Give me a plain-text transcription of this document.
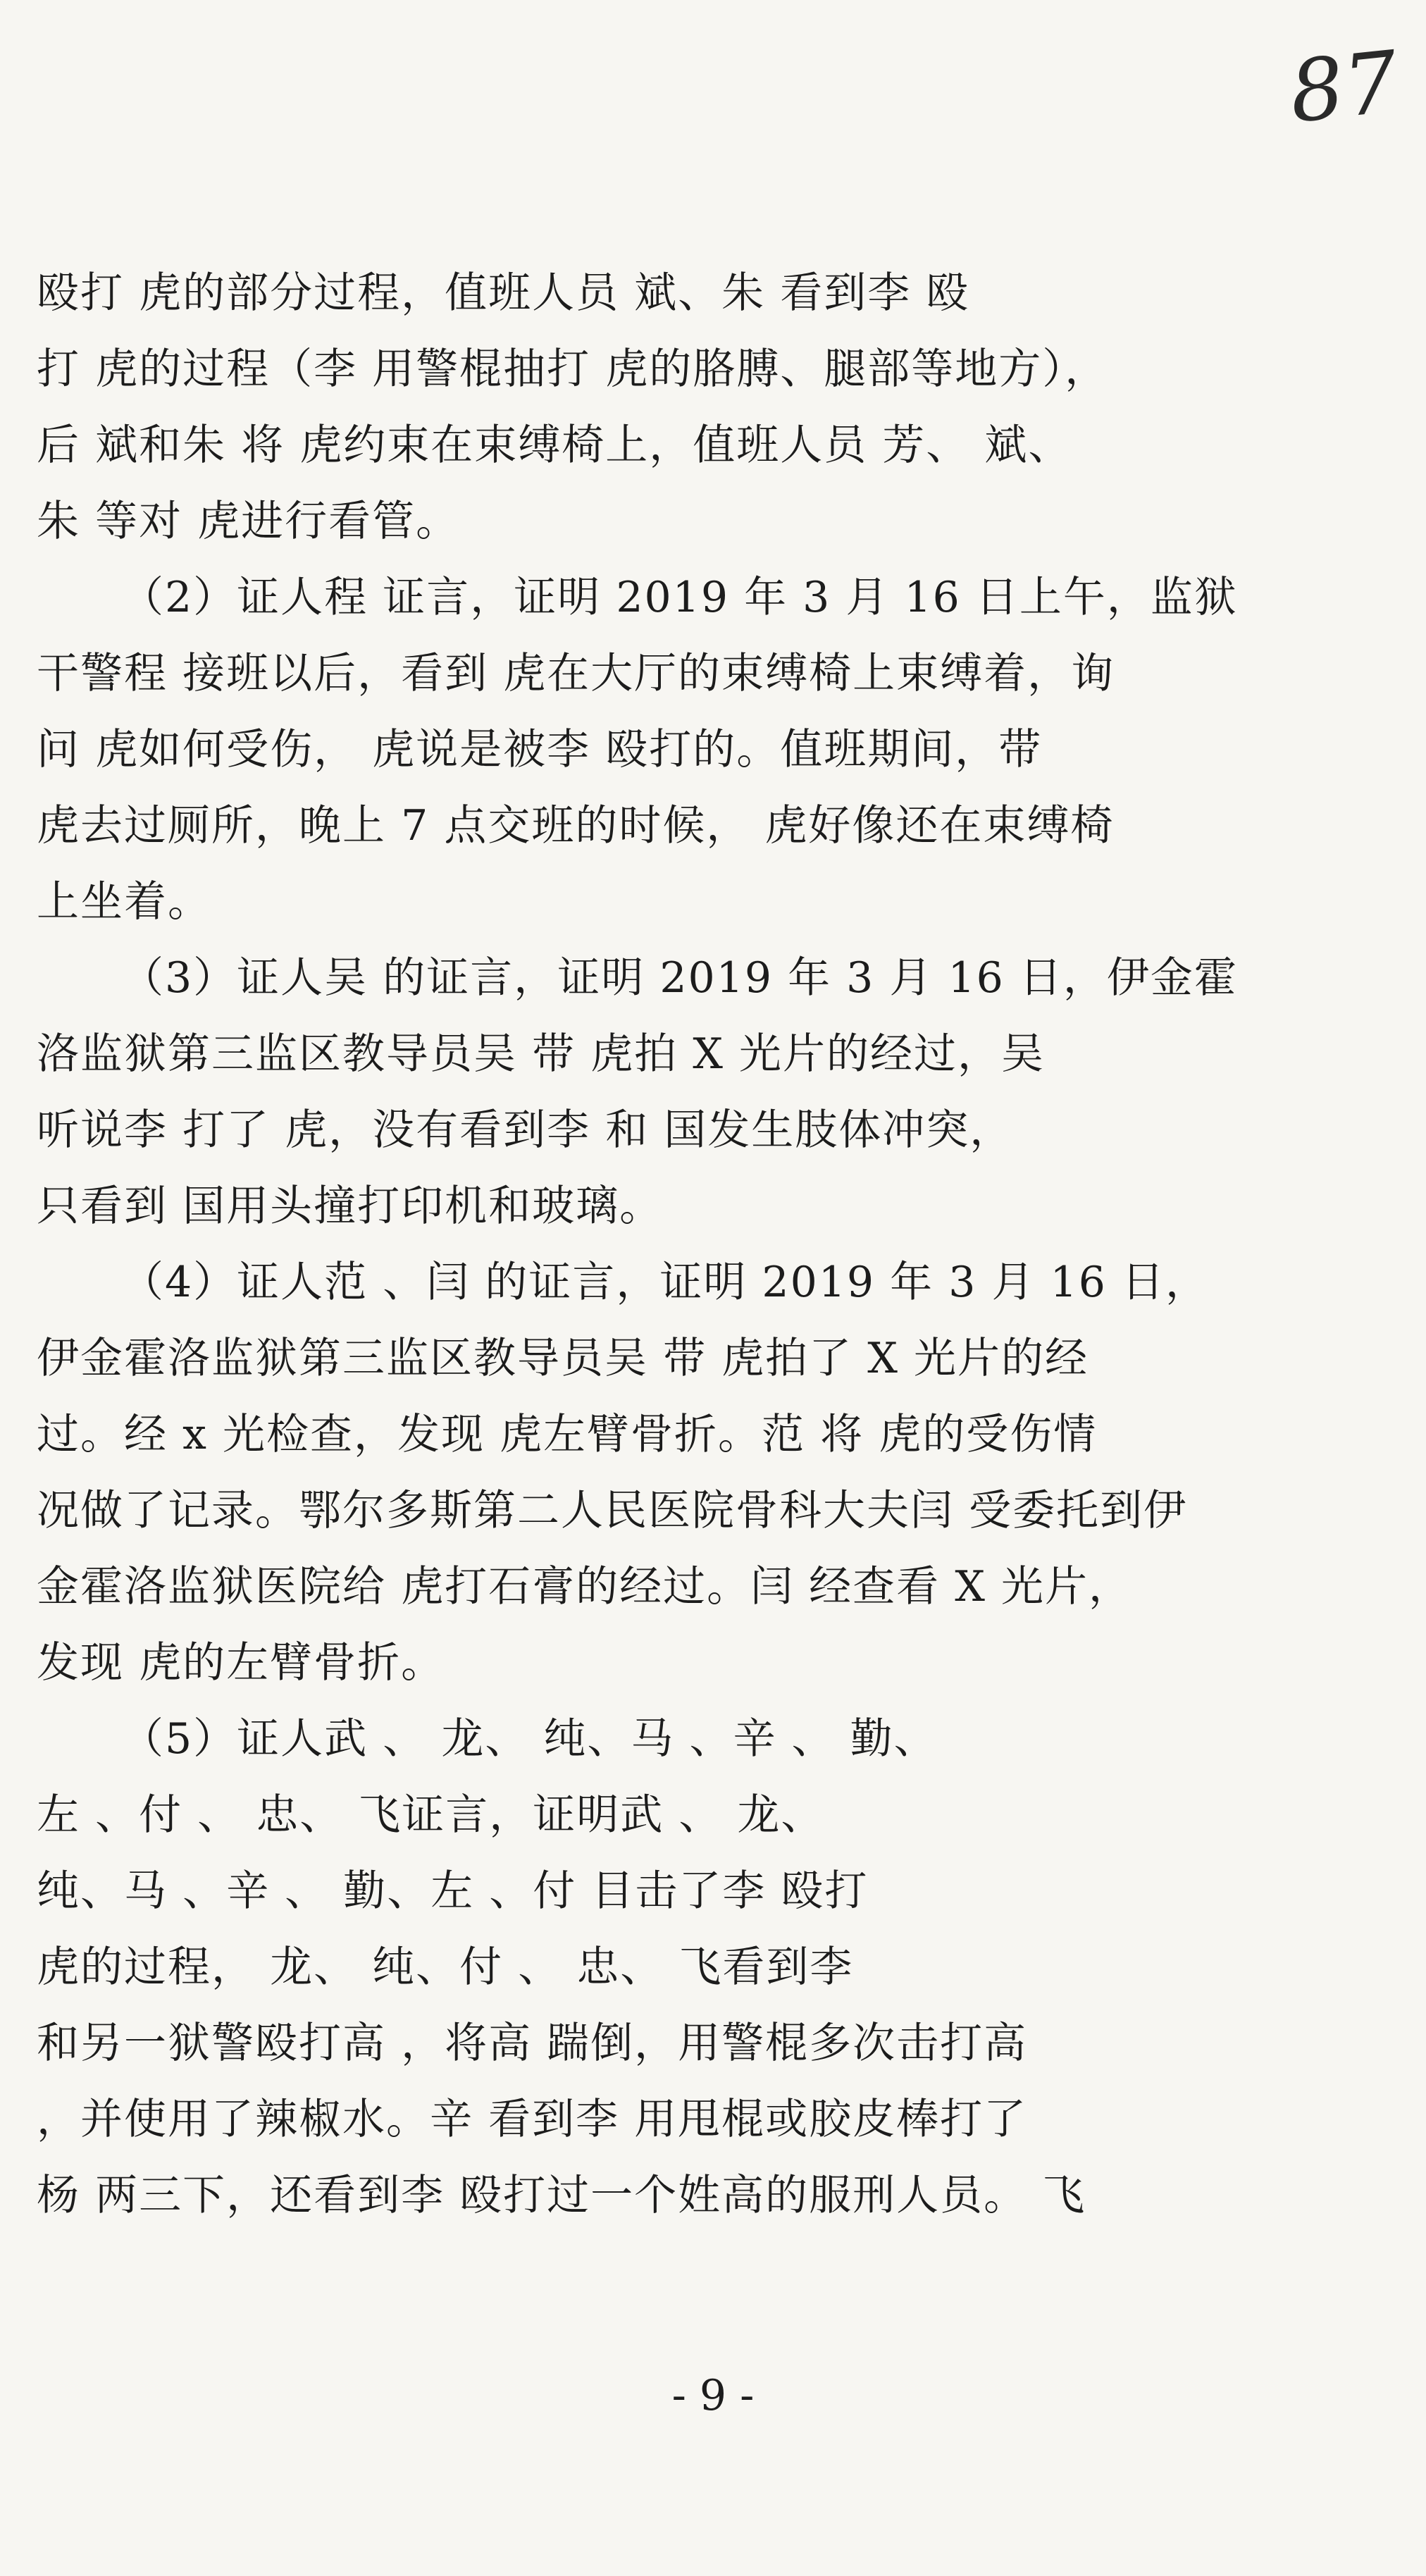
87
殴打 虎的部分过程，值班人员 斌、朱 看到李 殴
打 虎的过程（李 用警棍抽打 虎的胳膊、腿部等地方），
后 斌和朱 将 虎约束在束缚椅上，值班人员 芳、 斌、
朱 等对 虎进行看管。
（2）证人程 证言，证明 2019 年 3 月 16 日上午，监狱
干警程 接班以后，看到 虎在大厅的束缚椅上束缚着，询
问 虎如何受伤， 虎说是被李 殴打的。值班期间，带
虎去过厕所，晚上 7 点交班的时候， 虎好像还在束缚椅
上坐着。
（3）证人吴 的证言，证明 2019 年 3 月 16 日，伊金霍
洛监狱第三监区教导员吴 带 虎拍 X 光片的经过，吴
听说李 打了 虎，没有看到李 和 国发生肢体冲突，
只看到 国用头撞打印机和玻璃。
（4）证人范 、闫 的证言，证明 2019 年 3 月 16 日，
伊金霍洛监狱第三监区教导员吴 带 虎拍了 X 光片的经
过。经 x 光检查，发现 虎左臂骨折。范 将 虎的受伤情
况做了记录。鄂尔多斯第二人民医院骨科大夫闫 受委托到伊
金霍洛监狱医院给 虎打石膏的经过。闫 经查看 X 光片，
发现 虎的左臂骨折。
（5）证人武 、 龙、 纯、马 、辛 、 勤、
左 、付 、 忠、 飞证言，证明武 、 龙、
纯、马 、辛 、 勤、左 、付 目击了李 殴打
虎的过程， 龙、 纯、付 、 忠、 飞看到李
和另一狱警殴打高 ，将高 踹倒，用警棍多次击打高
，并使用了辣椒水。辛 看到李 用甩棍或胶皮棒打了
杨 两三下，还看到李 殴打过一个姓高的服刑人员。 飞
- 9 -
